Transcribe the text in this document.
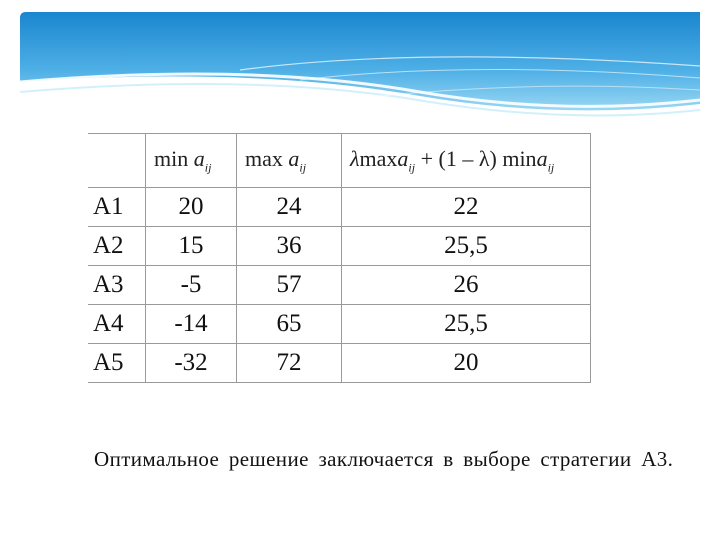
	$\min a_{ij}$	$\max a_{ij}$	λmaxa$_{ij}$ + (1 – λ) mina$_{ij}$
A1	20	24	22
A2	15	36	25,5
A3	-5	57	26
A4	-14	65	25,5
A5	-32	72	20

Оптимальное решение заключается в выборе стратегии А3.
